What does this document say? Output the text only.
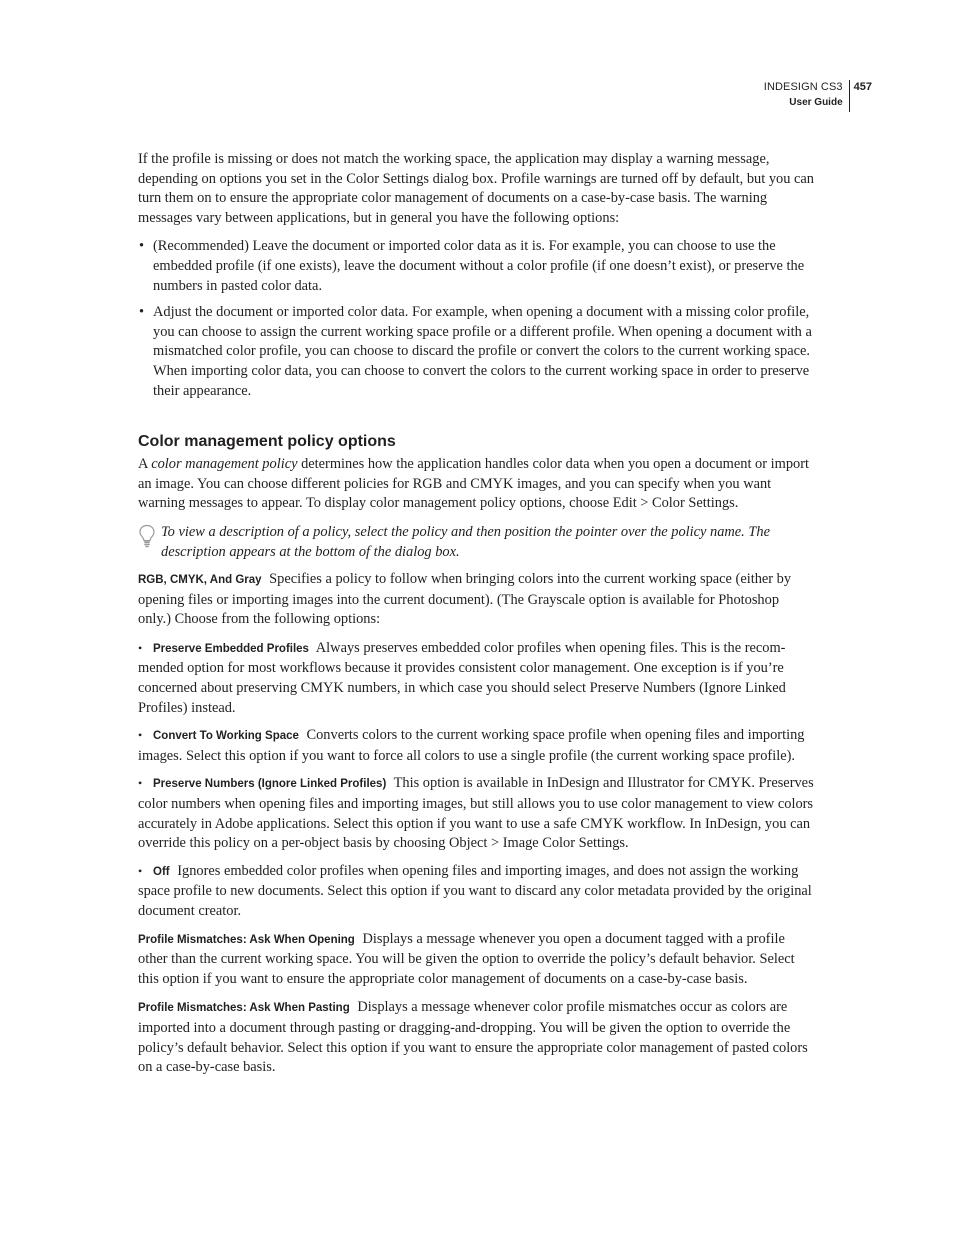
INDESIGN CS3
User Guide
457

If the profile is missing or does not match the working space, the application may display a warning message, depending on options you set in the Color Settings dialog box. Profile warnings are turned off by default, but you can turn them on to ensure the appropriate color management of documents on a case-by-case basis. The warning messages vary between applications, but in general you have the following options:

• (Recommended) Leave the document or imported color data as it is. For example, you can choose to use the embedded profile (if one exists), leave the document without a color profile (if one doesn’t exist), or preserve the numbers in pasted color data.
• Adjust the document or imported color data. For example, when opening a document with a missing color profile, you can choose to assign the current working space profile or a different profile. When opening a document with a mismatched color profile, you can choose to discard the profile or convert the colors to the current working space. When importing color data, you can choose to convert the colors to the current working space in order to preserve their appearance.
Color management policy options

A color management policy determines how the application handles color data when you open a document or import an image. You can choose different policies for RGB and CMYK images, and you can specify when you want warning messages to appear. To display color management policy options, choose Edit > Color Settings.

To view a description of a policy, select the policy and then position the pointer over the policy name. The description appears at the bottom of the dialog box.

RGB, CMYK, And Gray Specifies a policy to follow when bringing colors into the current working space (either by opening files or importing images into the current document). (The Grayscale option is available for Photoshop only.) Choose from the following options:

• Preserve Embedded Profiles Always preserves embedded color profiles when opening files. This is the recom- mended option for most workflows because it provides consistent color management. One exception is if you’re concerned about preserving CMYK numbers, in which case you should select Preserve Numbers (Ignore Linked Profiles) instead.

• Convert To Working Space Converts colors to the current working space profile when opening files and importing images. Select this option if you want to force all colors to use a single profile (the current working space profile).

• Preserve Numbers (Ignore Linked Profiles) This option is available in InDesign and Illustrator for CMYK. Preserves color numbers when opening files and importing images, but still allows you to use color management to view colors accurately in Adobe applications. Select this option if you want to use a safe CMYK workflow. In InDesign, you can override this policy on a per-object basis by choosing Object > Image Color Settings.

• Off Ignores embedded color profiles when opening files and importing images, and does not assign the working space profile to new documents. Select this option if you want to discard any color metadata provided by the original document creator.

Profile Mismatches: Ask When Opening Displays a message whenever you open a document tagged with a profile other than the current working space. You will be given the option to override the policy’s default behavior. Select this option if you want to ensure the appropriate color management of documents on a case-by-case basis.

Profile Mismatches: Ask When Pasting Displays a message whenever color profile mismatches occur as colors are imported into a document through pasting or dragging-and-dropping. You will be given the option to override the policy’s default behavior. Select this option if you want to ensure the appropriate color management of pasted colors on a case-by-case basis.
